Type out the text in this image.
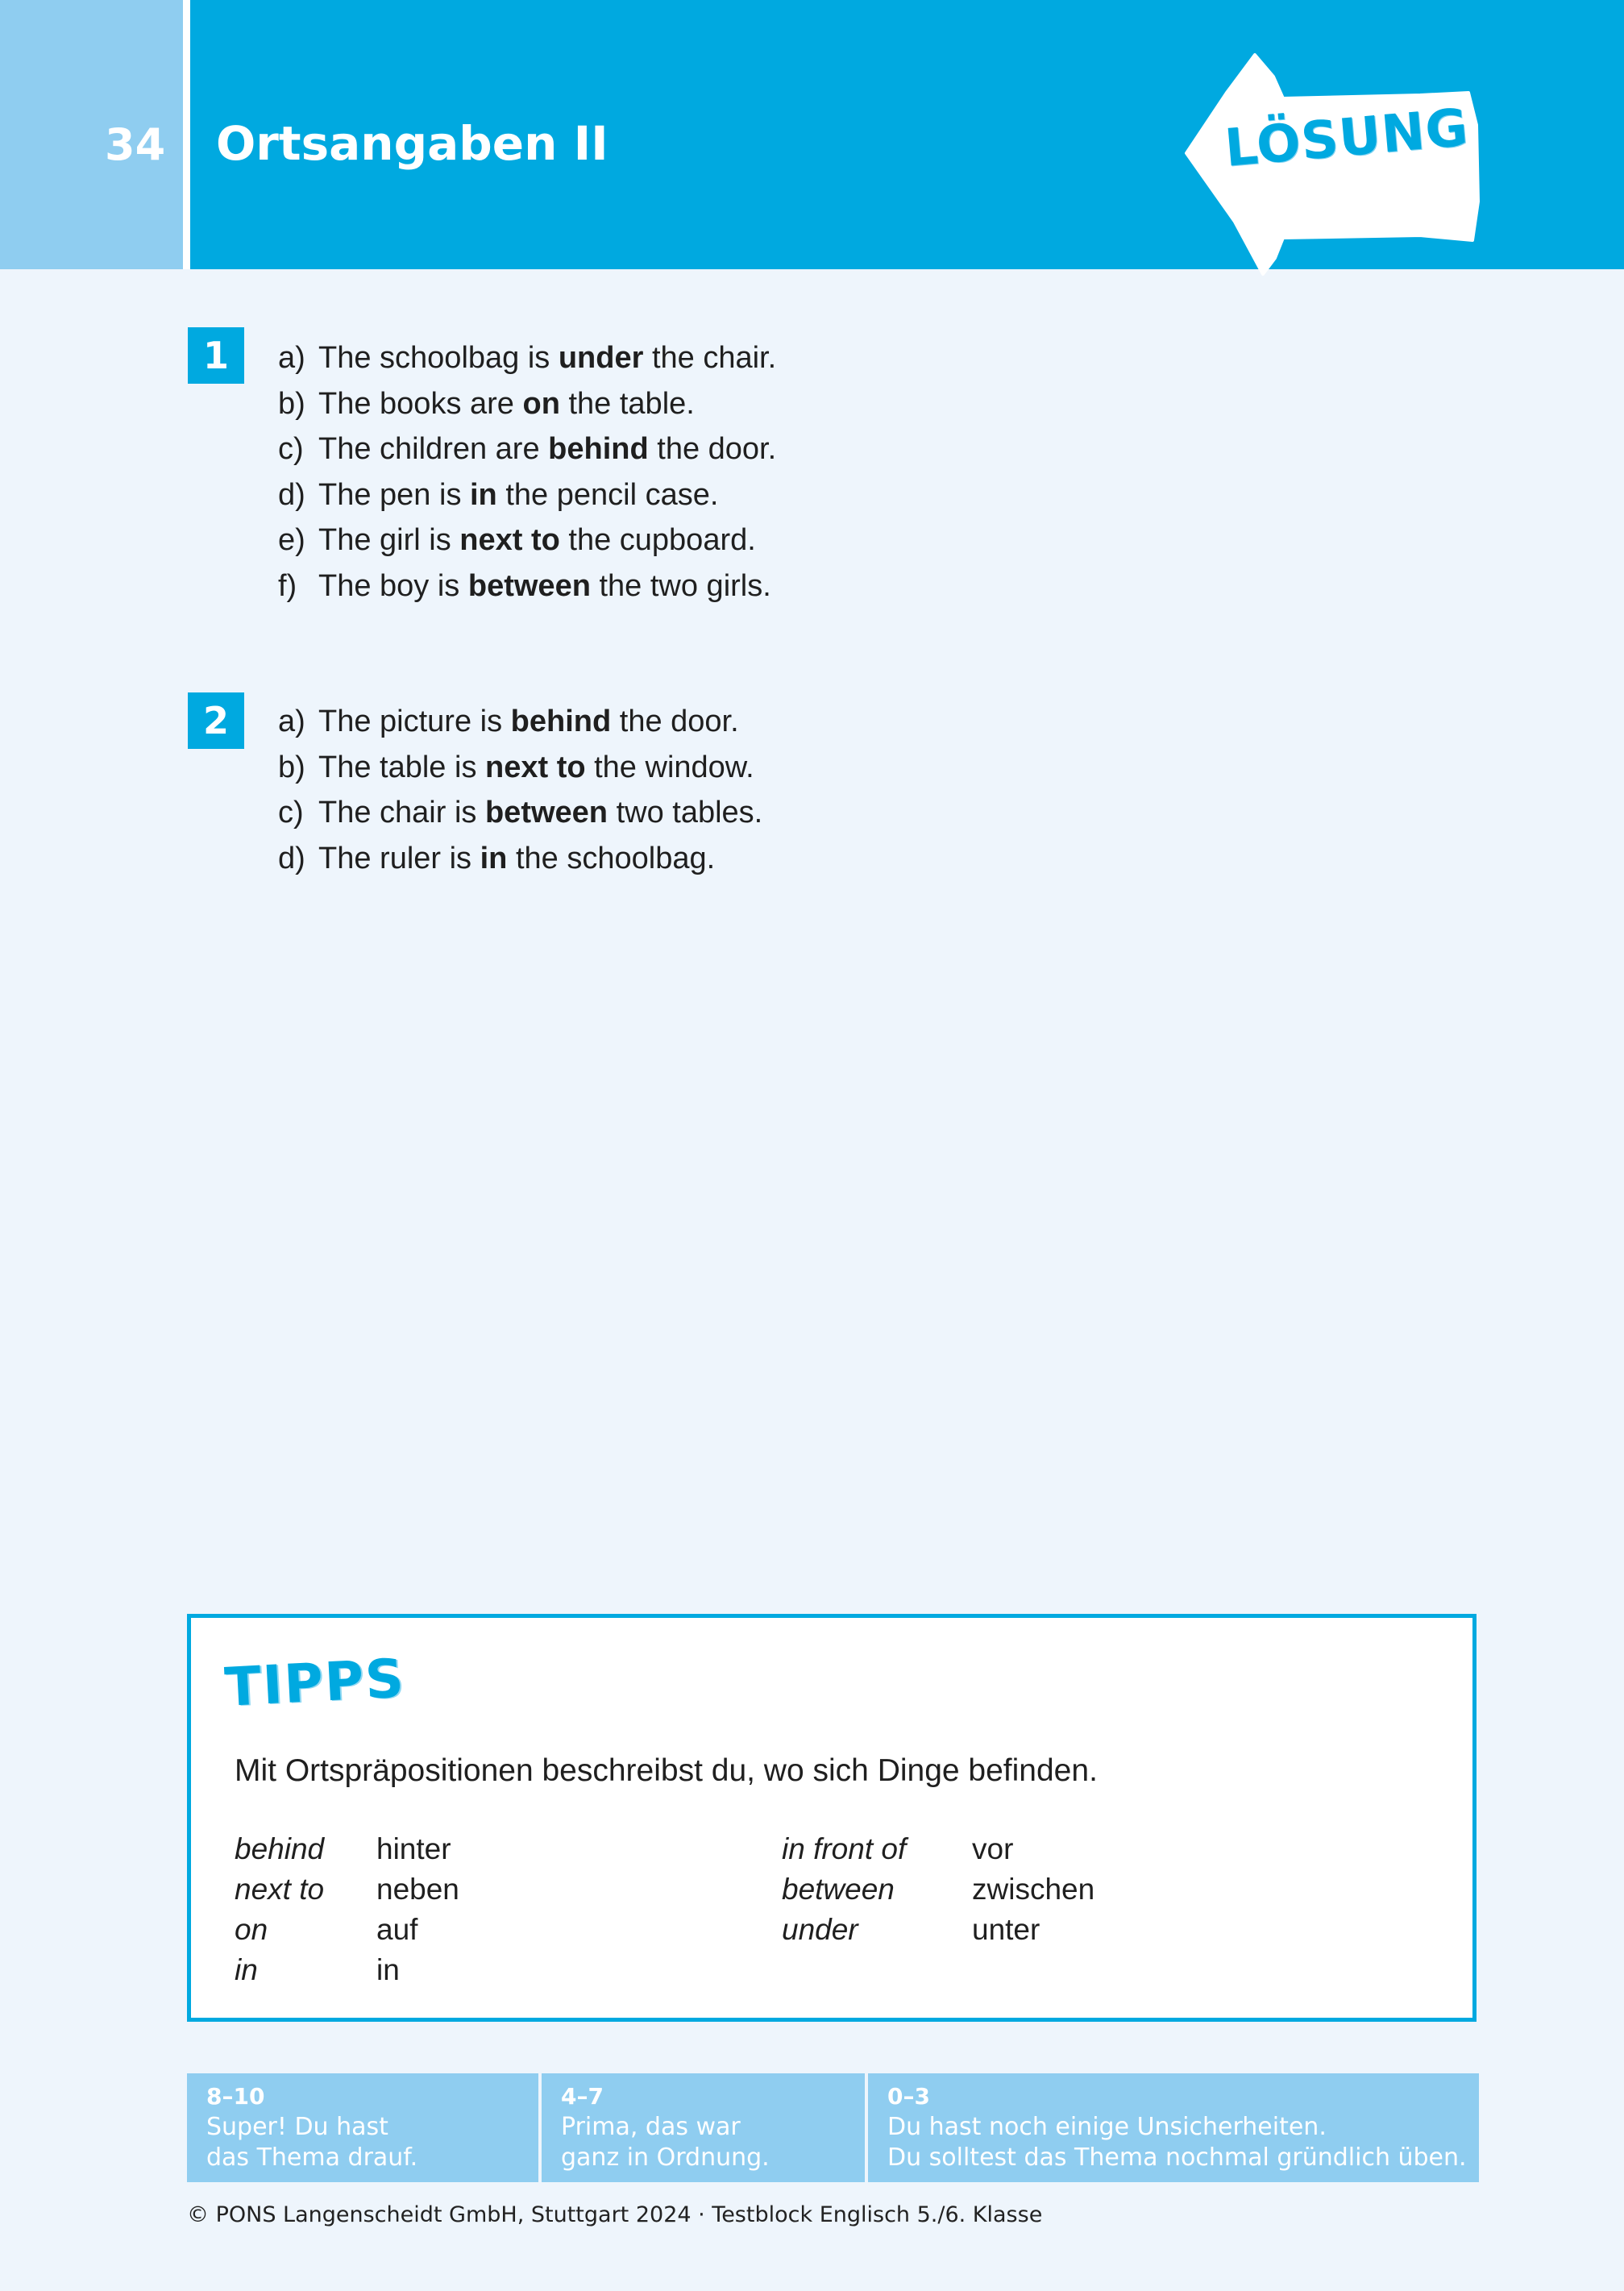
34 Ortsangaben II	LÖSUNG
1	a) The schoolbag is under the chair.
b) The books are on the table.
c) The children are behind the door.
d) The pen is in the pencil case.
e) The girl is next to the cupboard.
f) The boy is between the two girls.
2	a) The picture is behind the door.
b) The table is next to the window.
c) The chair is between two tables.
d) The ruler is in the schoolbag.
TIPPS
Mit Ortspräpositionen beschreibst du, wo sich Dinge befinden.
behind	hinter
next to	neben
on	auf
in	in
in front of	vor
between	zwischen
under	unter
8–10
Super! Du hast
das Thema drauf.
4–7
Prima, das war
ganz in Ordnung.
0–3
Du hast noch einige Unsicherheiten.
Du solltest das Thema nochmal gründlich üben.
© PONS Langenscheidt GmbH, Stuttgart 2024 · Testblock Englisch 5./6. Klasse
